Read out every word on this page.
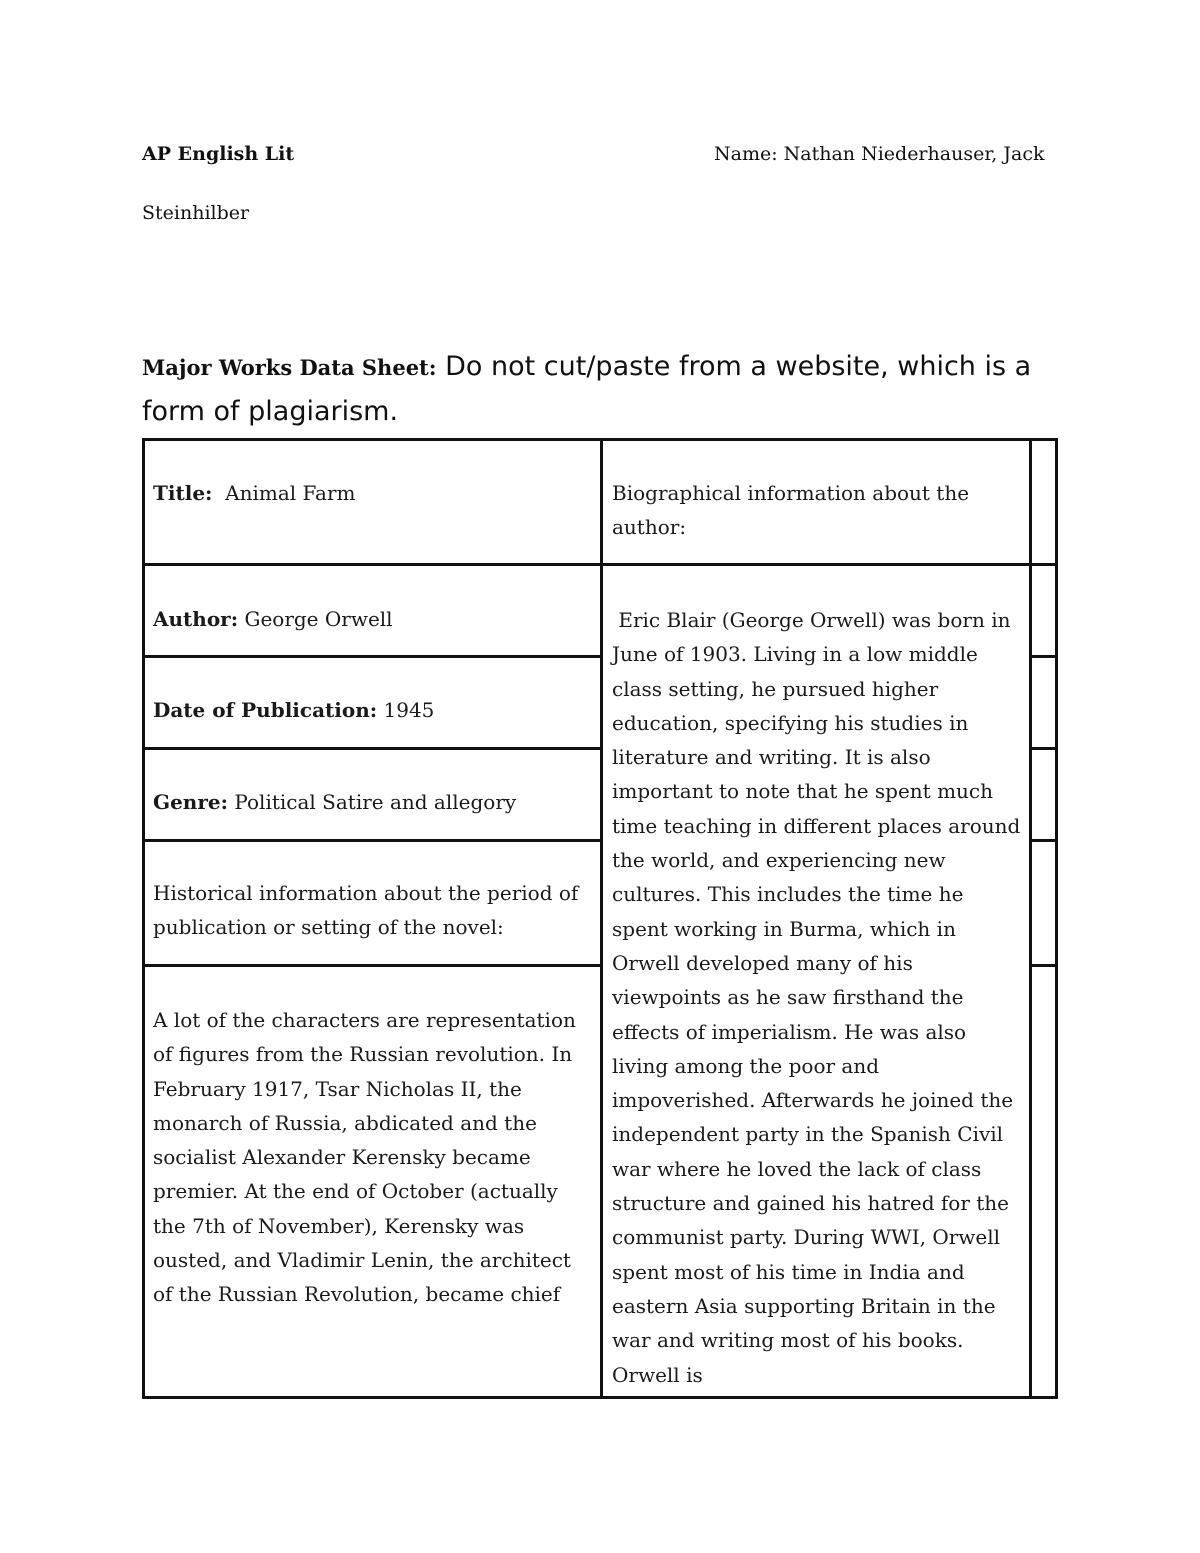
AP English Lit	Name: Nathan Niederhauser, Jack
Steinhilber
Major Works Data Sheet: Do not cut/paste from a website, which is a form of plagiarism.
Title:  Animal Farm
Author: George Orwell
Date of Publication: 1945
Genre: Political Satire and allegory
Historical information about the period of publication or setting of the novel:
A lot of the characters are representation of figures from the Russian revolution. In February 1917, Tsar Nicholas II, the monarch of Russia, abdicated and the socialist Alexander Kerensky became premier. At the end of October (actually the 7th of November), Kerensky was ousted, and Vladimir Lenin, the architect of the Russian Revolution, became chief
Biographical information about the author:
Eric Blair (George Orwell) was born in June of 1903. Living in a low middle class setting, he pursued higher education, specifying his studies in literature and writing. It is also important to note that he spent much time teaching in different places around the world, and experiencing new cultures. This includes the time he spent working in Burma, which in Orwell developed many of his viewpoints as he saw firsthand the effects of imperialism. He was also living among the poor and impoverished. Afterwards he joined the independent party in the Spanish Civil war where he loved the lack of class structure and gained his hatred for the communist party. During WWI, Orwell spent most of his time in India and eastern Asia supporting Britain in the war and writing most of his books. Orwell is
